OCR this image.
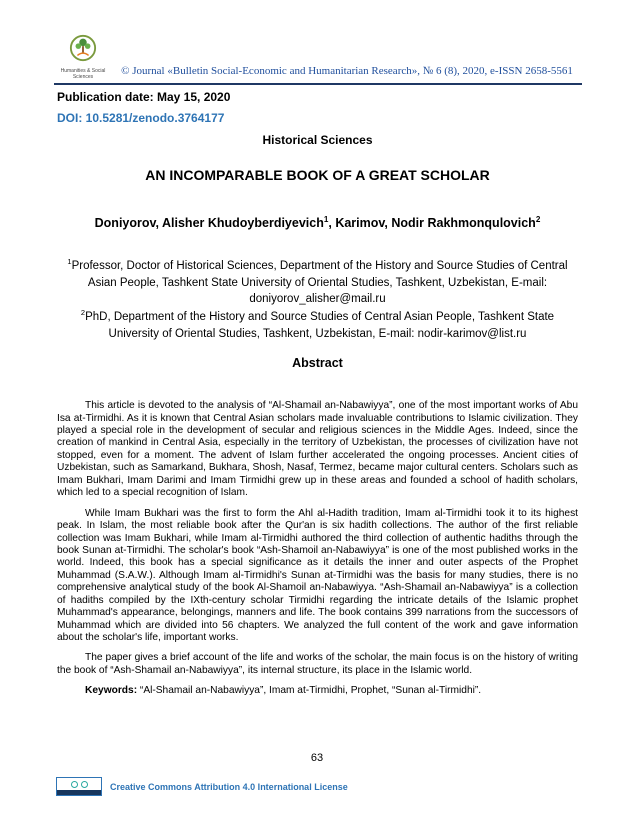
Humanities & Social Sciences
© Journal «Bulletin Social-Economic and Humanitarian Research», № 6 (8), 2020, e-ISSN 2658-5561
Publication date: May 15, 2020
DOI: 10.5281/zenodo.3764177
Historical Sciences
AN INCOMPARABLE BOOK OF A GREAT SCHOLAR
Doniyorov, Alisher Khudoyberdiyevich$^1$, Karimov, Nodir Rakhmonqulovich$^2$
$^1$Professor, Doctor of Historical Sciences, Department of the History and Source Studies of Central Asian People, Tashkent State University of Oriental Studies, Tashkent, Uzbekistan, E-mail: doniyorov_alisher@mail.ru
$^2$PhD, Department of the History and Source Studies of Central Asian People, Tashkent State University of Oriental Studies, Tashkent, Uzbekistan, E-mail: nodir-karimov@list.ru
Abstract

This article is devoted to the analysis of “Al-Shamail an-Nabawiyya”, one of the most important works of Abu Isa at-Tirmidhi. As it is known that Central Asian scholars made invaluable contributions to Islamic civilization. They played a special role in the development of secular and religious sciences in the Middle Ages. Indeed, since the creation of mankind in Central Asia, especially in the territory of Uzbekistan, the processes of civilization have not stopped, even for a moment. The advent of Islam further accelerated the ongoing processes. Ancient cities of Uzbekistan, such as Samarkand, Bukhara, Shosh, Nasaf, Termez, became major cultural centers. Scholars such as Imam Bukhari, Imam Darimi and Imam Tirmidhi grew up in these areas and founded a school of hadith scholars, which led to a special recognition of Islam.

While Imam Bukhari was the first to form the Ahl al-Hadith tradition, Imam al-Tirmidhi took it to its highest peak. In Islam, the most reliable book after the Qur'an is six hadith collections. The author of the first reliable collection was Imam Bukhari, while Imam al-Tirmidhi authored the third collection of authentic hadiths through the book Sunan at-Tirmidhi. The scholar's book “Ash-Shamoil an-Nabawiyya” is one of the most published works in the world. Indeed, this book has a special significance as it details the inner and outer aspects of the Prophet Muhammad (S.A.W.). Although Imam al-Tirmidhi's Sunan at-Tirmidhi was the basis for many studies, there is no comprehensive analytical study of the book Al-Shamoil an-Nabawiyya. “Ash-Shamail an-Nabawiyya” is a collection of hadiths compiled by the IXth-century scholar Tirmidhi regarding the intricate details of the Islamic prophet Muhammad's appearance, belongings, manners and life. The book contains 399 narrations from the successors of Muhammad which are divided into 56 chapters. We analyzed the full content of the work and gave information about the scholar's life, important works.

The paper gives a brief account of the life and works of the scholar, the main focus is on the history of writing the book of “Ash-Shamail an-Nabawiyya”, its internal structure, its place in the Islamic world.

Keywords: “Al-Shamail an-Nabawiyya”, Imam at-Tirmidhi, Prophet, “Sunan al-Tirmidhi”.

63
Creative Commons Attribution 4.0 International License
